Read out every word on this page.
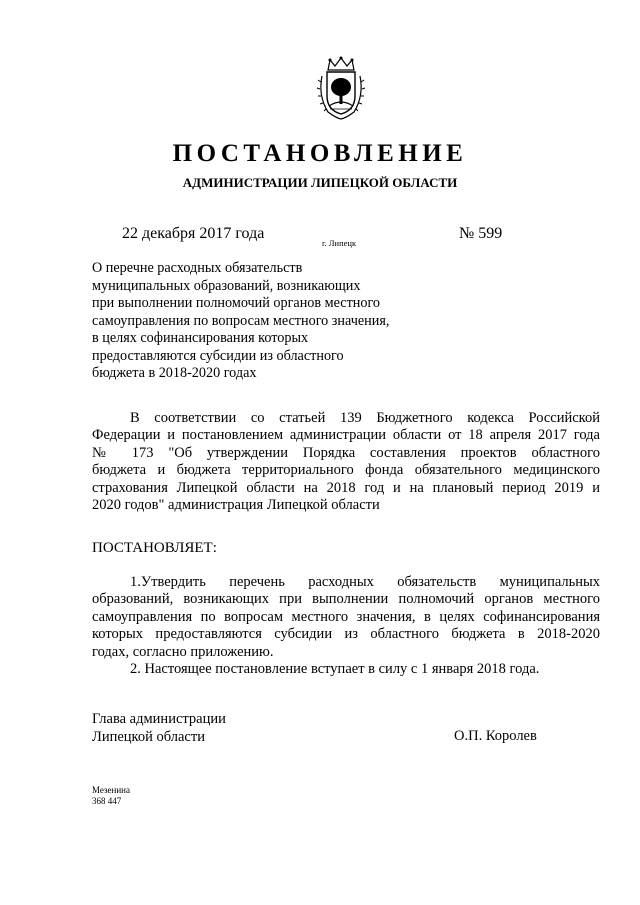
ПОСТАНОВЛЕНИЕ
АДМИНИСТРАЦИИ ЛИПЕЦКОЙ ОБЛАСТИ
22 декабря 2017 года
г. Липецк
№ 599
О перечне расходных обязательств
муниципальных образований, возникающих
при выполнении полномочий органов местного
самоуправления по вопросам местного значения,
в целях софинансирования которых
предоставляются субсидии из областного
бюджета в 2018-2020 годах
В соответствии со статьей 139 Бюджетного кодекса Российской
Федерации и постановлением администрации области от 18 апреля 2017 года
№ 173 "Об утверждении Порядка составления проектов областного
бюджета и бюджета территориального фонда обязательного медицинского
страхования Липецкой области на 2018 год и на плановый период 2019 и
2020 годов" администрация Липецкой области
ПОСТАНОВЛЯЕТ:
1.Утвердить перечень расходных обязательств муниципальных
образований, возникающих при выполнении полномочий органов местного
самоуправления по вопросам местного значения, в целях софинансирования
которых предоставляются субсидии из областного бюджета в 2018-2020
годах, согласно приложению.
2. Настоящее постановление вступает в силу с 1 января 2018 года.
Глава администрации
Липецкой области	О.П. Королев
Мезенина
368 447
